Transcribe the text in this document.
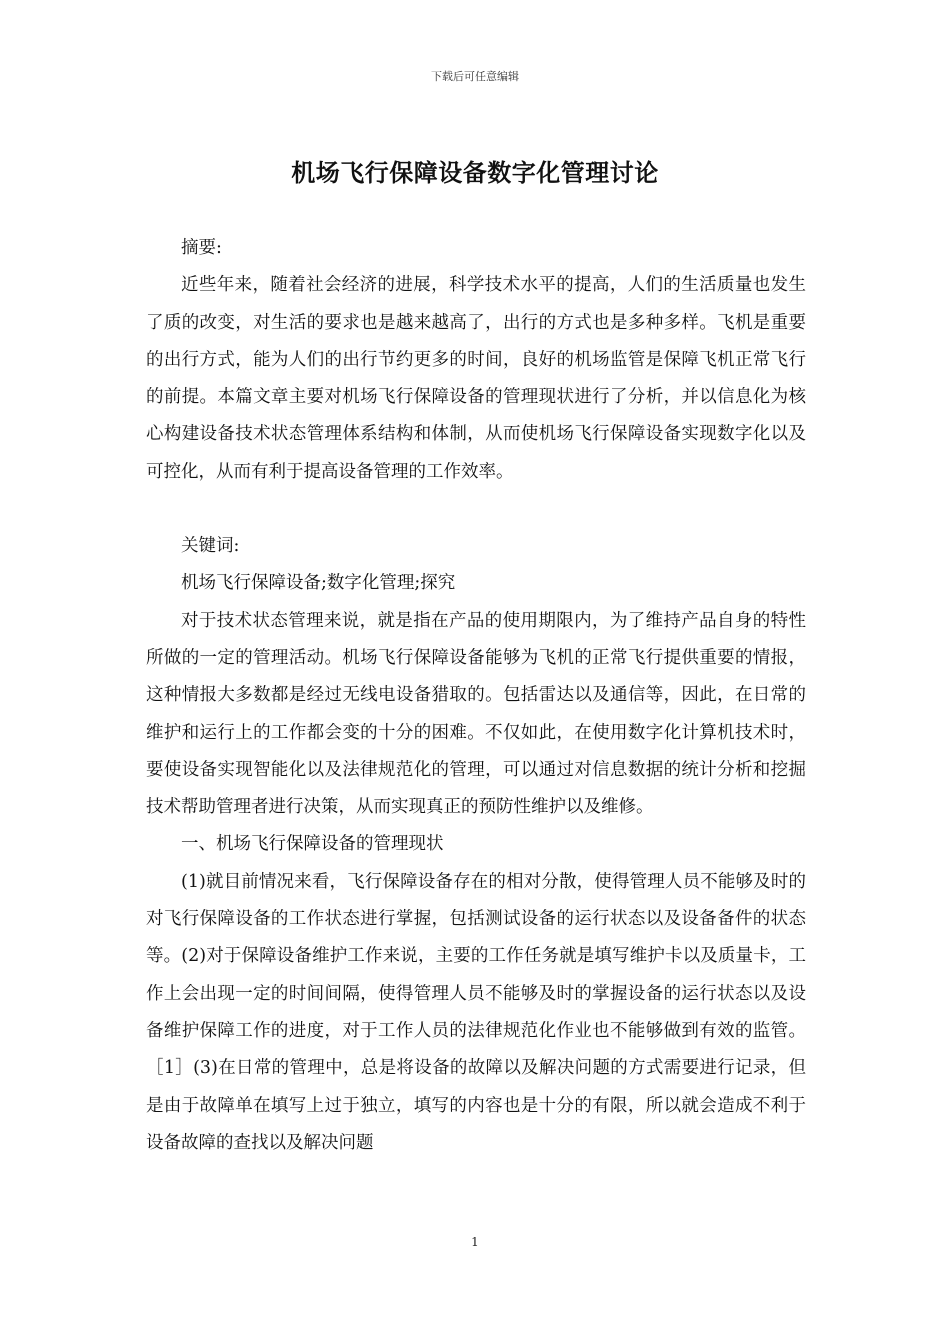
下载后可任意编辑
机场飞行保障设备数字化管理讨论

摘要:

近些年来，随着社会经济的进展，科学技术水平的提高，人们的生活质量也发生了质的改变，对生活的要求也是越来越高了，出行的方式也是多种多样。飞机是重要的出行方式，能为人们的出行节约更多的时间，良好的机场监管是保障飞机正常飞行的前提。本篇文章主要对机场飞行保障设备的管理现状进行了分析，并以信息化为核心构建设备技术状态管理体系结构和体制，从而使机场飞行保障设备实现数字化以及可控化，从而有利于提高设备管理的工作效率。

关键词:

机场飞行保障设备;数字化管理;探究

对于技术状态管理来说，就是指在产品的使用期限内，为了维持产品自身的特性所做的一定的管理活动。机场飞行保障设备能够为飞机的正常飞行提供重要的情报，这种情报大多数都是经过无线电设备猎取的。包括雷达以及通信等，因此，在日常的维护和运行上的工作都会变的十分的困难。不仅如此，在使用数字化计算机技术时，要使设备实现智能化以及法律规范化的管理，可以通过对信息数据的统计分析和挖掘技术帮助管理者进行决策，从而实现真正的预防性维护以及维修。

一、机场飞行保障设备的管理现状

(1)就目前情况来看，飞行保障设备存在的相对分散，使得管理人员不能够及时的对飞行保障设备的工作状态进行掌握，包括测试设备的运行状态以及设备备件的状态等。(2)对于保障设备维护工作来说，主要的工作任务就是填写维护卡以及质量卡，工作上会出现一定的时间间隔，使得管理人员不能够及时的掌握设备的运行状态以及设备维护保障工作的进度，对于工作人员的法律规范化作业也不能够做到有效的监管。［1］(3)在日常的管理中，总是将设备的故障以及解决问题的方式需要进行记录，但是由于故障单在填写上过于独立，填写的内容也是十分的有限，所以就会造成不利于设备故障的查找以及解决问题

1
